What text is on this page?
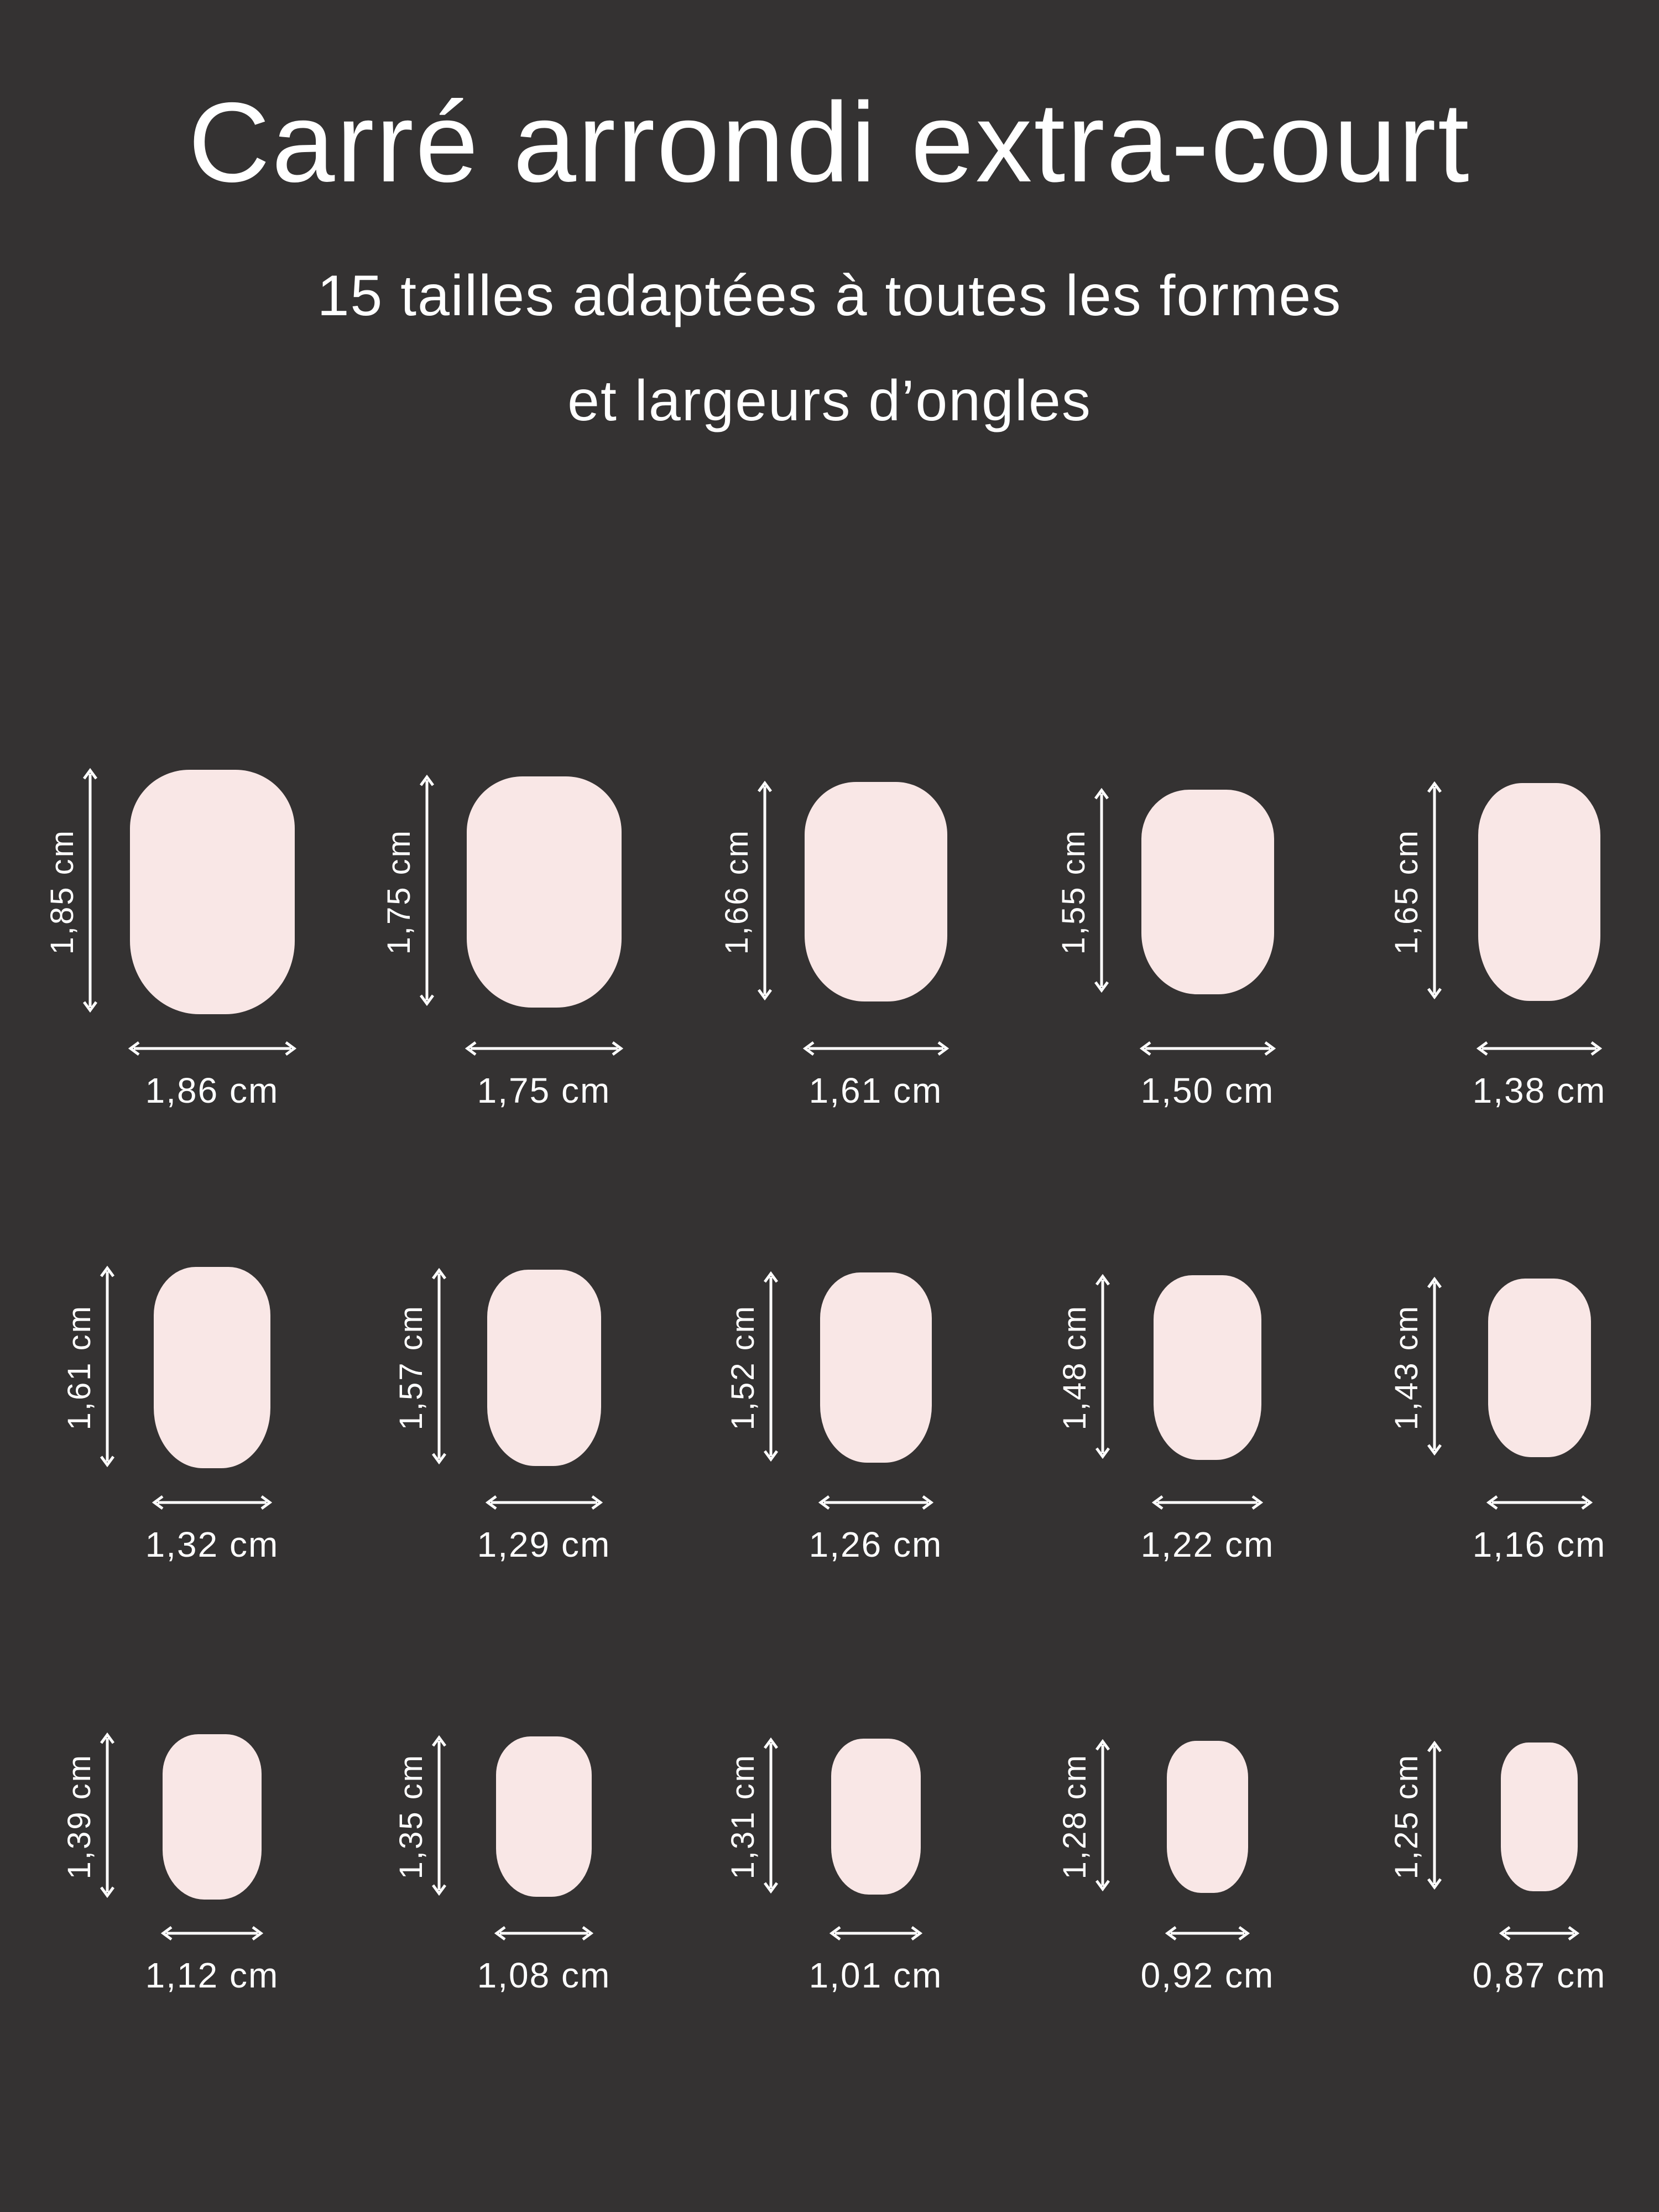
Carré arrondi extra-court
15 tailles adaptées à toutes les formes
et largeurs d’ongles
1,85 cm
1,86 cm
1,75 cm
1,75 cm
1,66 cm
1,61 cm
1,55 cm
1,50 cm
1,65 cm
1,38 cm
1,61 cm
1,32 cm
1,57 cm
1,29 cm
1,52 cm
1,26 cm
1,48 cm
1,22 cm
1,43 cm
1,16 cm
1,39 cm
1,12 cm
1,35 cm
1,08 cm
1,31 cm
1,01 cm
1,28 cm
0,92 cm
1,25 cm
0,87 cm
